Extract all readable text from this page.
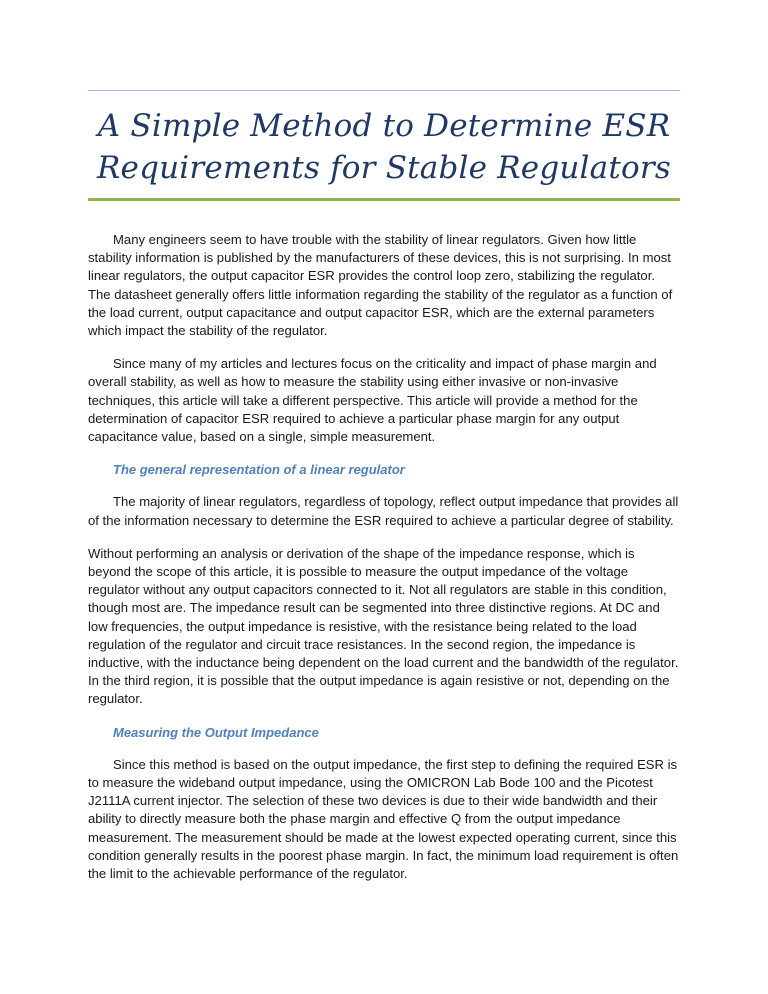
A Simple Method to Determine ESR
Requirements for Stable Regulators

Many engineers seem to have trouble with the stability of linear regulators. Given how little stability information is published by the manufacturers of these devices, this is not surprising. In most linear regulators, the output capacitor ESR provides the control loop zero, stabilizing the regulator. The datasheet generally offers little information regarding the stability of the regulator as a function of the load current, output capacitance and output capacitor ESR, which are the external parameters which impact the stability of the regulator.

Since many of my articles and lectures focus on the criticality and impact of phase margin and overall stability, as well as how to measure the stability using either invasive or non-invasive techniques, this article will take a different perspective. This article will provide a method for the determination of capacitor ESR required to achieve a particular phase margin for any output capacitance value, based on a single, simple measurement.

The general representation of a linear regulator

The majority of linear regulators, regardless of topology, reflect output impedance that provides all of the information necessary to determine the ESR required to achieve a particular degree of stability.

Without performing an analysis or derivation of the shape of the impedance response, which is beyond the scope of this article, it is possible to measure the output impedance of the voltage regulator without any output capacitors connected to it. Not all regulators are stable in this condition, though most are. The impedance result can be segmented into three distinctive regions. At DC and low frequencies, the output impedance is resistive, with the resistance being related to the load regulation of the regulator and circuit trace resistances. In the second region, the impedance is inductive, with the inductance being dependent on the load current and the bandwidth of the regulator. In the third region, it is possible that the output impedance is again resistive or not, depending on the regulator.

Measuring the Output Impedance

Since this method is based on the output impedance, the first step to defining the required ESR is to measure the wideband output impedance, using the OMICRON Lab Bode 100 and the Picotest J2111A current injector. The selection of these two devices is due to their wide bandwidth and their ability to directly measure both the phase margin and effective Q from the output impedance measurement. The measurement should be made at the lowest expected operating current, since this condition generally results in the poorest phase margin. In fact, the minimum load requirement is often the limit to the achievable performance of the regulator.
